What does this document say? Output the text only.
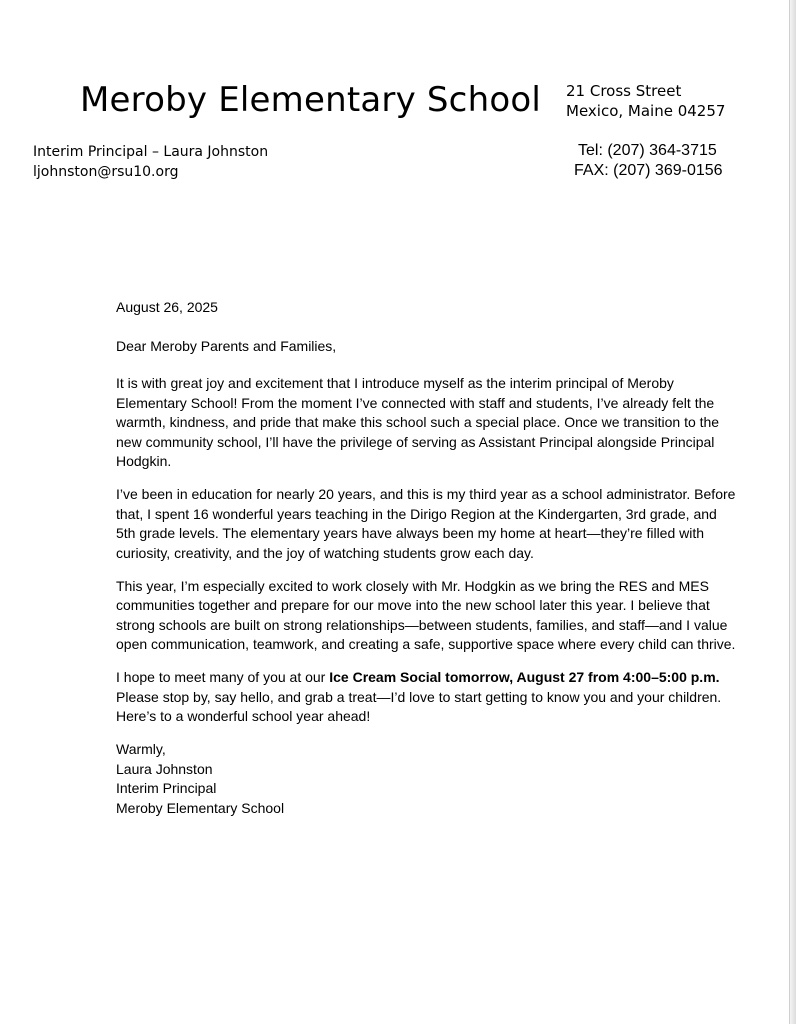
Meroby Elementary School 21 Cross Street
Mexico, Maine 04257
Interim Principal – Laura Johnston
ljohnston@rsu10.org
Tel: (207) 364-3715
FAX: (207) 369-0156

August 26, 2025

Dear Meroby Parents and Families,

It is with great joy and excitement that I introduce myself as the interim principal of Meroby Elementary School! From the moment I’ve connected with staff and students, I’ve already felt the warmth, kindness, and pride that make this school such a special place. Once we transition to the new community school, I’ll have the privilege of serving as Assistant Principal alongside Principal Hodgkin.

I’ve been in education for nearly 20 years, and this is my third year as a school administrator. Before that, I spent 16 wonderful years teaching in the Dirigo Region at the Kindergarten, 3rd grade, and 5th grade levels. The elementary years have always been my home at heart—they’re filled with curiosity, creativity, and the joy of watching students grow each day.

This year, I’m especially excited to work closely with Mr. Hodgkin as we bring the RES and MES communities together and prepare for our move into the new school later this year. I believe that strong schools are built on strong relationships—between students, families, and staff—and I value open communication, teamwork, and creating a safe, supportive space where every child can thrive.

I hope to meet many of you at our Ice Cream Social tomorrow, August 27 from 4:00–5:00 p.m. Please stop by, say hello, and grab a treat—I’d love to start getting to know you and your children. Here’s to a wonderful school year ahead!

Warmly,
Laura Johnston
Interim Principal
Meroby Elementary School
